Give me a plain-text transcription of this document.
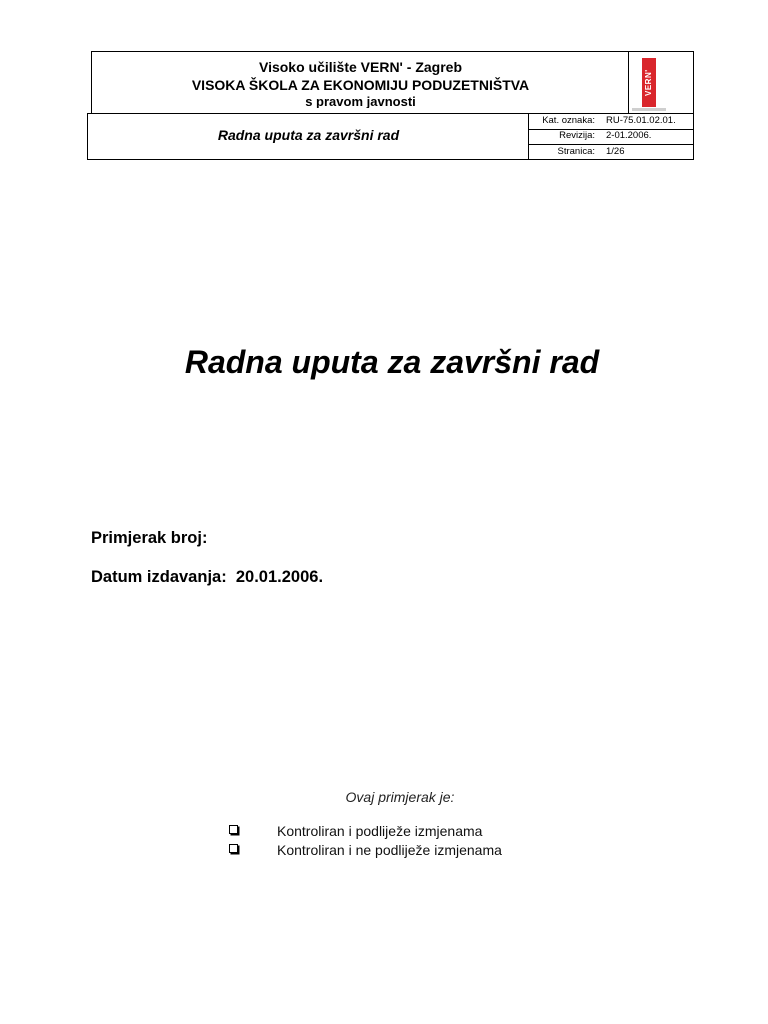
Visoko učilište VERN' - Zagreb
VISOKA ŠKOLA ZA EKONOMIJU PODUZETNIŠTVA
s pravom javnosti
VERN'
Radna uputa za završni rad
Kat. oznaka: RU-75.01.02.01.
Revizija: 2-01.2006.
Stranica: 1/26
Radna uputa za završni rad
Primjerak broj:
Datum izdavanja: 20.01.2006.
Ovaj primjerak je:
Kontroliran i podliježe izmjenama
Kontroliran i ne podliježe izmjenama
